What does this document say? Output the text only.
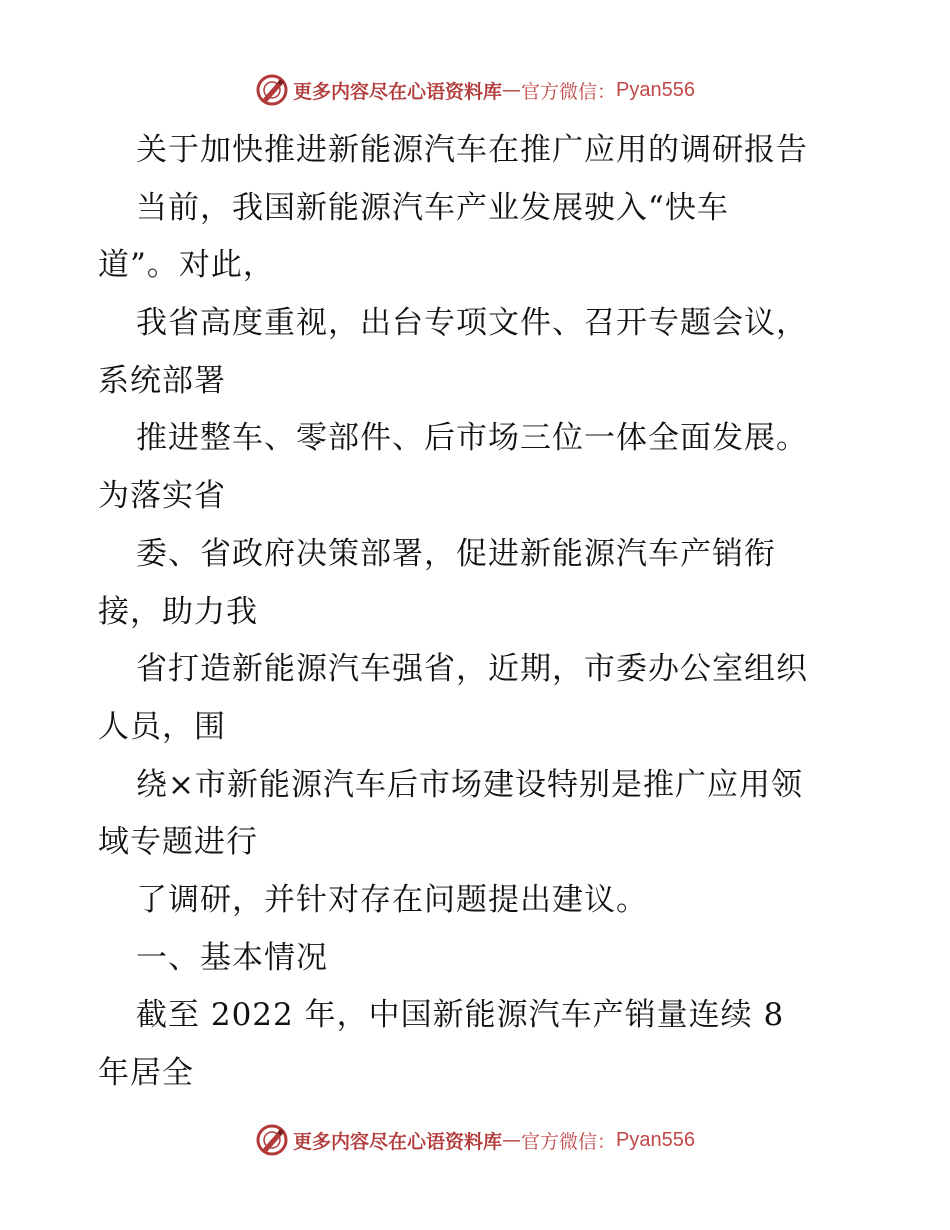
更多内容尽在心语资料库 — 官方微信： Pyan556
关于加快推进新能源汽车在推广应用的调研报告
当前，我国新能源汽车产业发展驶入“快车
道”。对此，
我省高度重视，出台专项文件、召开专题会议，
系统部署
推进整车、零部件、后市场三位一体全面发展。
为落实省
委、省政府决策部署，促进新能源汽车产销衔
接，助力我
省打造新能源汽车强省，近期，市委办公室组织
人员，围
绕×市新能源汽车后市场建设特别是推广应用领
域专题进行
了调研，并针对存在问题提出建议。
一、基本情况
截至 2022 年，中国新能源汽车产销量连续 8
年居全
更多内容尽在心语资料库 — 官方微信： Pyan556
